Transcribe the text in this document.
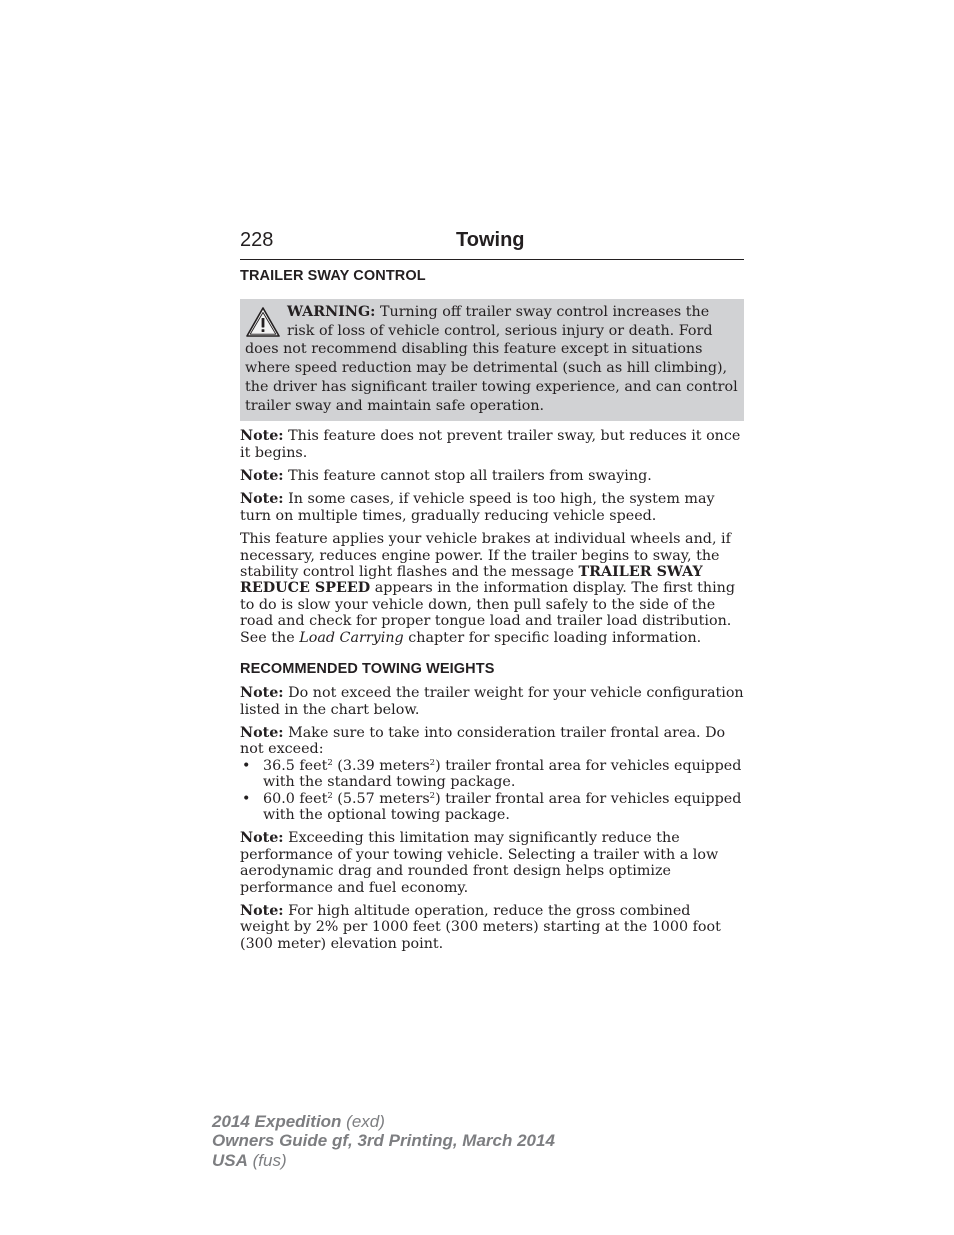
228	Towing
TRAILER SWAY CONTROL
WARNING: Turning off trailer sway control increases the risk of loss of vehicle control, serious injury or death. Ford does not recommend disabling this feature except in situations where speed reduction may be detrimental (such as hill climbing), the driver has significant trailer towing experience, and can control trailer sway and maintain safe operation.

Note: This feature does not prevent trailer sway, but reduces it once it begins.

Note: This feature cannot stop all trailers from swaying.

Note: In some cases, if vehicle speed is too high, the system may turn on multiple times, gradually reducing vehicle speed.

This feature applies your vehicle brakes at individual wheels and, if necessary, reduces engine power. If the trailer begins to sway, the stability control light flashes and the message TRAILER SWAY REDUCE SPEED appears in the information display. The first thing to do is slow your vehicle down, then pull safely to the side of the road and check for proper tongue load and trailer load distribution. See the Load Carrying chapter for specific loading information.

RECOMMENDED TOWING WEIGHTS

Note: Do not exceed the trailer weight for your vehicle configuration listed in the chart below.

Note: Make sure to take into consideration trailer frontal area. Do not exceed:

• 36.5 feet$^2$ (3.39 meters$^2$) trailer frontal area for vehicles equipped with the standard towing package.
• 60.0 feet$^2$ (5.57 meters$^2$) trailer frontal area for vehicles equipped with the optional towing package.

Note: Exceeding this limitation may significantly reduce the performance of your towing vehicle. Selecting a trailer with a low aerodynamic drag and rounded front design helps optimize performance and fuel economy.

Note: For high altitude operation, reduce the gross combined weight by 2% per 1000 feet (300 meters) starting at the 1000 foot (300 meter) elevation point.

2014 Expedition (exd)
Owners Guide gf, 3rd Printing, March 2014
USA (fus)
